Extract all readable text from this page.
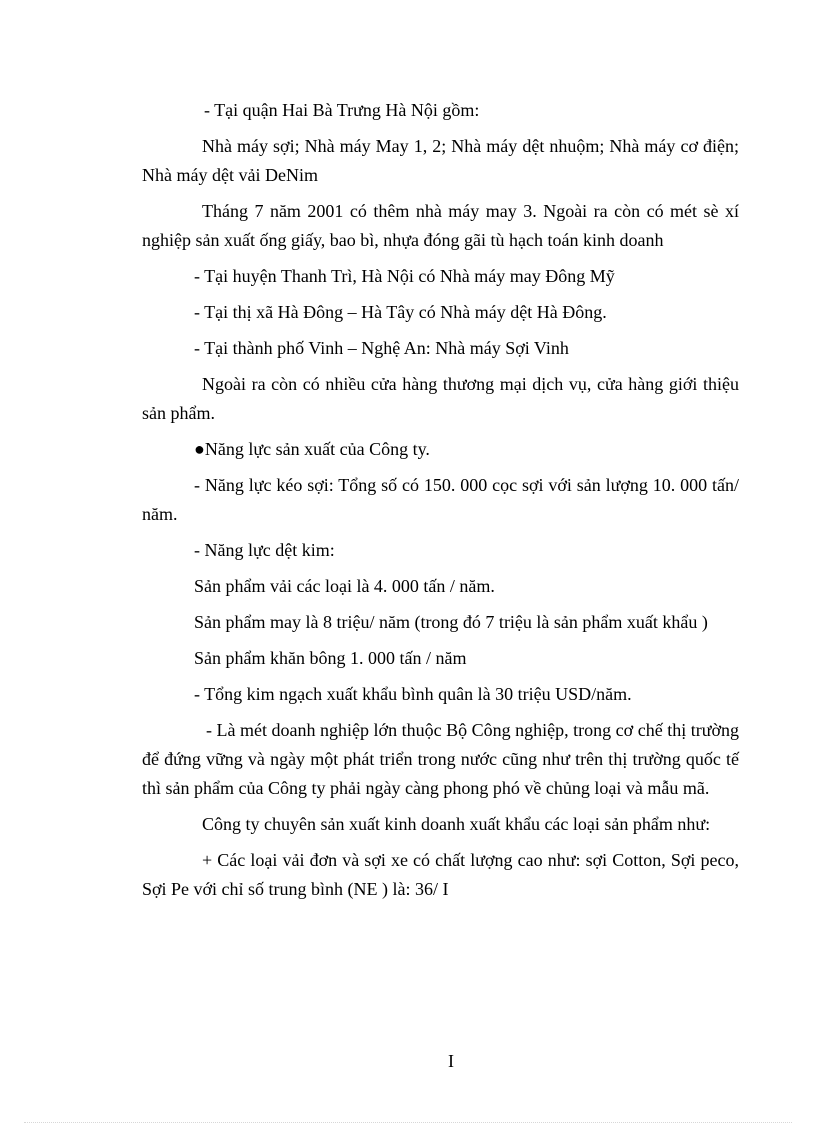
- Tại quận Hai Bà Trưng Hà Nội gồm:

Nhà máy sợi; Nhà máy May 1, 2; Nhà máy dệt nhuộm; Nhà máy cơ điện; Nhà máy dệt vải DeNim

Tháng 7 năm 2001 có thêm nhà máy may 3. Ngoài ra còn có mét sè xí nghiệp sản xuất ống giấy, bao bì, nhựa đóng gãi tù hạch toán kinh doanh

- Tại huyện Thanh Trì, Hà Nội có Nhà máy may Đông Mỹ

- Tại thị xã Hà Đông – Hà Tây có Nhà máy dệt Hà Đông.

- Tại thành phố Vinh – Nghệ An: Nhà máy Sợi Vinh

Ngoài ra còn có nhiều cửa hàng thương mại dịch vụ, cửa hàng giới thiệu sản phẩm.

●Năng lực sản xuất của Công ty.

- Năng lực kéo sợi: Tổng số có 150. 000 cọc sợi với sản lượng 10. 000 tấn/ năm.

- Năng lực dệt kim:

Sản phẩm vải các loại là 4. 000 tấn / năm.

Sản phẩm may là 8 triệu/ năm (trong đó 7 triệu là sản phẩm xuất khẩu )

Sản phẩm khăn bông 1. 000 tấn / năm

- Tổng kim ngạch xuất khẩu bình quân là 30 triệu USD/năm.

- Là mét doanh nghiệp lớn thuộc Bộ Công nghiệp, trong cơ chế thị trường để đứng vững và ngày một phát triển trong nước cũng như trên thị trường quốc tế thì sản phẩm của Công ty phải ngày càng phong phó về chủng loại và mẫu mã.

Công ty chuyên sản xuất kinh doanh xuất khẩu các loại sản phẩm như:

+ Các loại vải đơn và sợi xe có chất lượng cao như: sợi Cotton, Sợi peco, Sợi Pe với chỉ số trung bình (NE ) là: 36/ I

I
